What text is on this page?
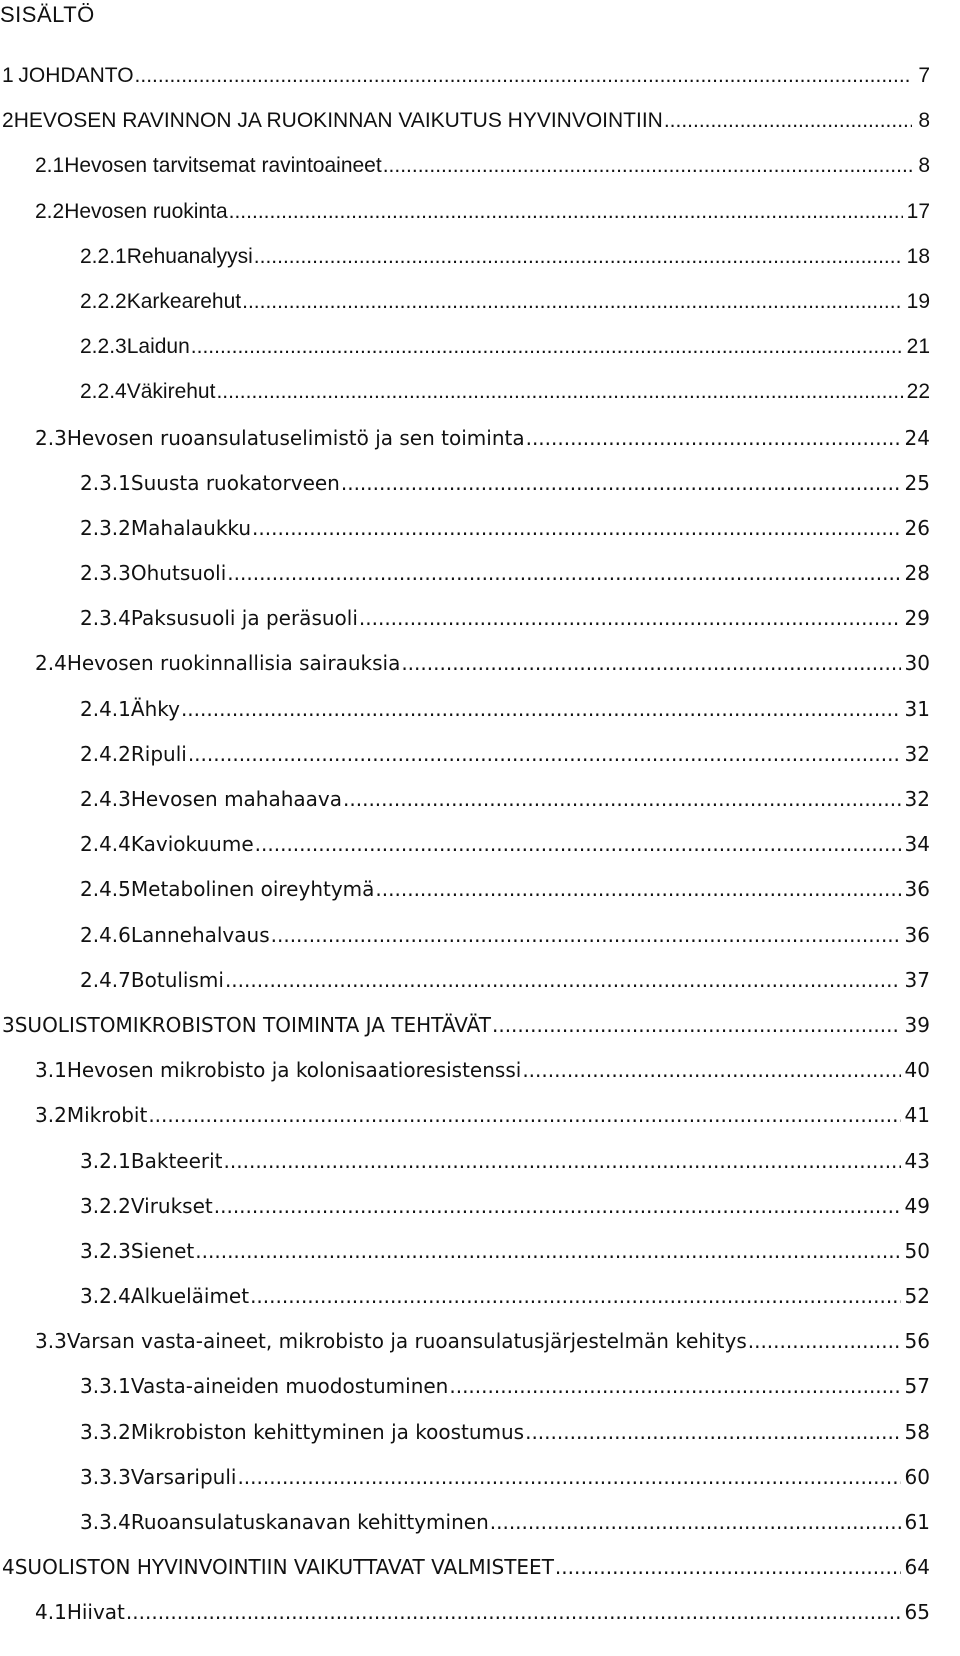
SISÄLTÖ
1 JOHDANTO .....	7
2 HEVOSEN RAVINNON JA RUOKINNAN VAIKUTUS HYVINVOINTIIN .....	8
2.1 Hevosen tarvitsemat ravintoaineet .....	8
2.2 Hevosen ruokinta .....	17
2.2.1 Rehuanalyysi .....	18
2.2.2 Karkearehut .....	19
2.2.3 Laidun .....	21
2.2.4 Väkirehut .....	22
2.3 Hevosen ruoansulatuselimistö ja sen toiminta .....	24
2.3.1 Suusta ruokatorveen .....	25
2.3.2 Mahalaukku .....	26
2.3.3 Ohutsuoli .....	28
2.3.4 Paksusuoli ja peräsuoli .....	29
2.4 Hevosen ruokinnallisia sairauksia .....	30
2.4.1 Ähky .....	31
2.4.2 Ripuli .....	32
2.4.3 Hevosen mahahaava .....	32
2.4.4 Kaviokuume .....	34
2.4.5 Metabolinen oireyhtymä .....	36
2.4.6 Lannehalvaus .....	36
2.4.7 Botulismi .....	37
3 SUOLISTOMIKROBISTON TOIMINTA JA TEHTÄVÄT .....	39
3.1 Hevosen mikrobisto ja kolonisaatioresistenssi .....	40
3.2 Mikrobit .....	41
3.2.1 Bakteerit .....	43
3.2.2 Virukset .....	49
3.2.3 Sienet .....	50
3.2.4 Alkueläimet .....	52
3.3 Varsan vasta-aineet, mikrobisto ja ruoansulatusjärjestelmän kehitys .....	56
3.3.1 Vasta-aineiden muodostuminen .....	57
3.3.2 Mikrobiston kehittyminen ja koostumus .....	58
3.3.3 Varsaripuli .....	60
3.3.4 Ruoansulatuskanavan kehittyminen .....	61
4 SUOLISTON HYVINVOINTIIN VAIKUTTAVAT VALMISTEET .....	64
4.1 Hiivat .....	65
